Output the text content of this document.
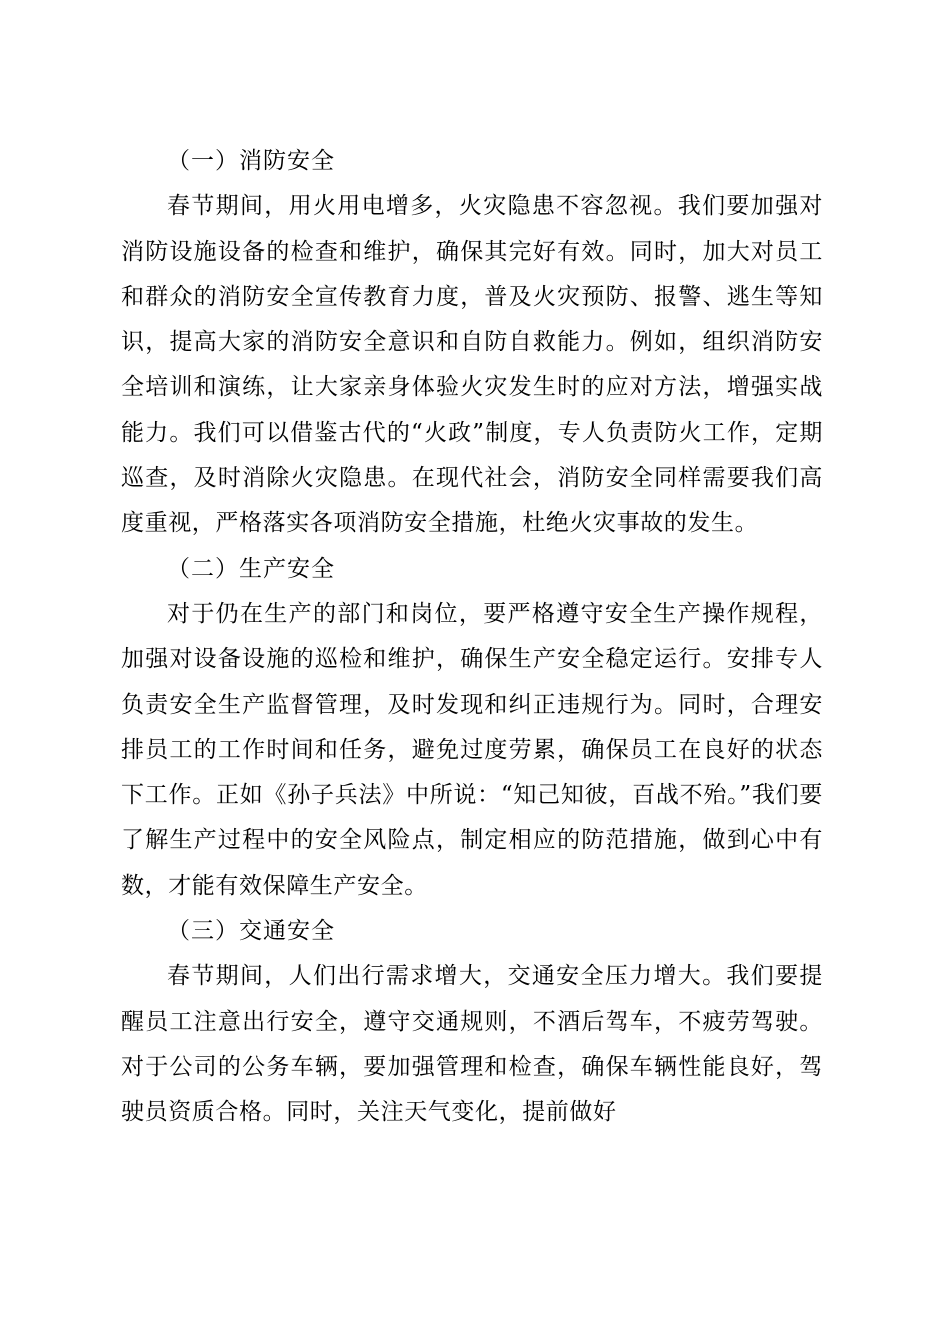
（一）消防安全

春节期间，用火用电增多，火灾隐患不容忽视。我们要加强对消防设施设备的检查和维护，确保其完好有效。同时，加大对员工和群众的消防安全宣传教育力度，普及火灾预防、报警、逃生等知识，提高大家的消防安全意识和自防自救能力。例如，组织消防安全培训和演练，让大家亲身体验火灾发生时的应对方法，增强实战能力。我们可以借鉴古代的“火政”制度，专人负责防火工作，定期巡查，及时消除火灾隐患。在现代社会，消防安全同样需要我们高度重视，严格落实各项消防安全措施，杜绝火灾事故的发生。

（二）生产安全

对于仍在生产的部门和岗位，要严格遵守安全生产操作规程，加强对设备设施的巡检和维护，确保生产安全稳定运行。安排专人负责安全生产监督管理，及时发现和纠正违规行为。同时，合理安排员工的工作时间和任务，避免过度劳累，确保员工在良好的状态下工作。正如《孙子兵法》中所说：“知己知彼，百战不殆。”我们要了解生产过程中的安全风险点，制定相应的防范措施，做到心中有数，才能有效保障生产安全。

（三）交通安全

春节期间，人们出行需求增大，交通安全压力增大。我们要提醒员工注意出行安全，遵守交通规则，不酒后驾车，不疲劳驾驶。对于公司的公务车辆，要加强管理和检查，确保车辆性能良好，驾驶员资质合格。同时，关注天气变化，提前做好
